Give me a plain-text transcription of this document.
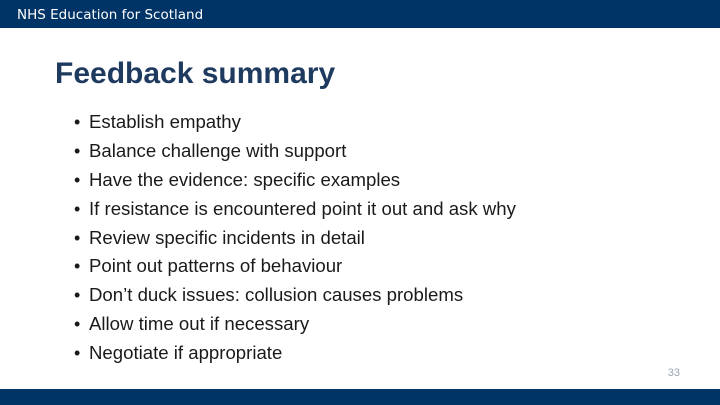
NHS Education for Scotland
Feedback summary
• Establish empathy
• Balance challenge with support
• Have the evidence: specific examples
• If resistance is encountered point it out and ask why
• Review specific incidents in detail
• Point out patterns of behaviour
• Don’t duck issues: collusion causes problems
• Allow time out if necessary
• Negotiate if appropriate
33
